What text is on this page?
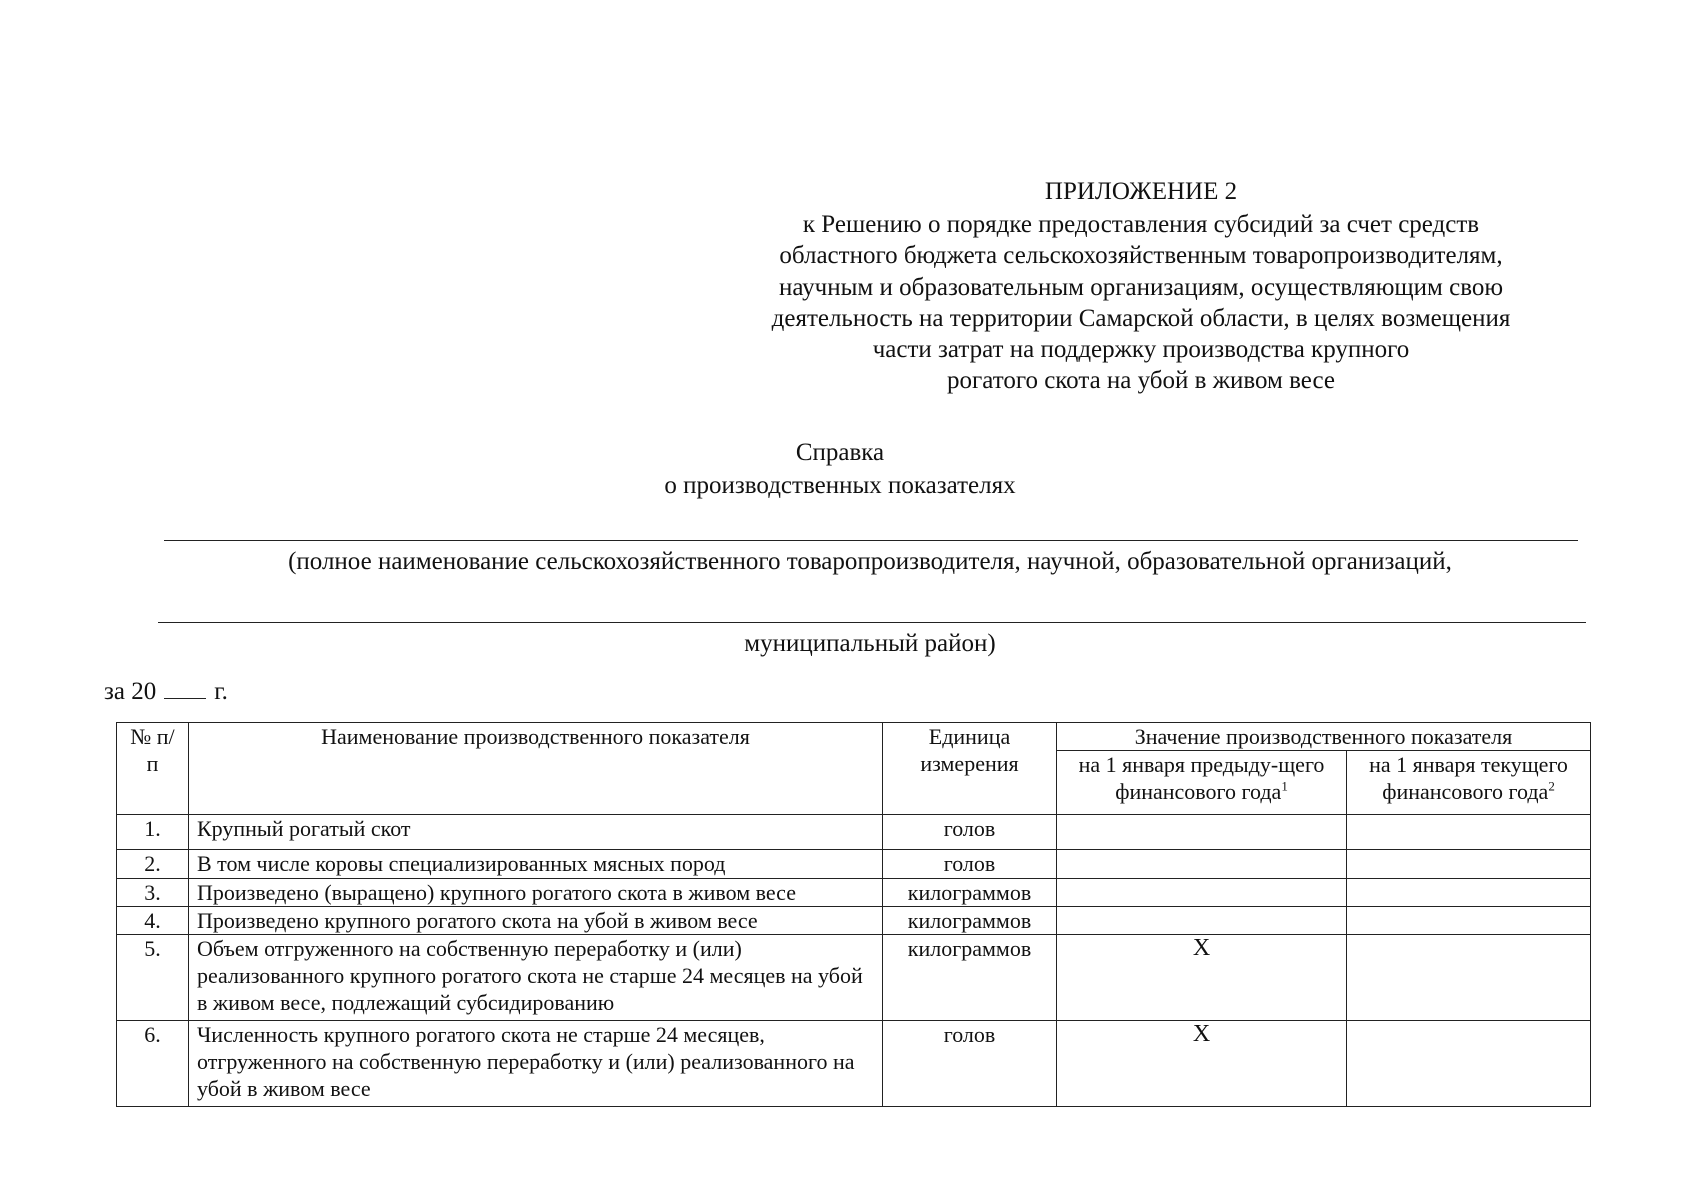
ПРИЛОЖЕНИЕ 2
к Решению о порядке предоставления субсидий за счет средств
областного бюджета сельскохозяйственным товаропроизводителям,
научным и образовательным организациям, осуществляющим свою
деятельность на территории Самарской области, в целях возмещения
части затрат на поддержку производства крупного
рогатого скота на убой в живом весе
Справка
о производственных показателях
(полное наименование сельскохозяйственного товаропроизводителя, научной, образовательной организаций,
муниципальный район)
за 20 г.
№ п/п	Наименование производственного показателя	Единица измерения	Значение производственного показателя	
			на 1 января предыду-щего финансового года$^1$	на 1 января текущего финансового года$^2$
1.	Крупный рогатый скот	голов		
2.	В том числе коровы специализированных мясных пород	голов		
3.	Произведено (выращено) крупного рогатого скота в живом весе	килограммов		
4.	Произведено крупного рогатого скота на убой в живом весе	килограммов		
5.	Объем отгруженного на собственную переработку и (или) реализованного крупного рогатого скота не старше 24 месяцев на убой в живом весе, подлежащий субсидированию	килограммов	X	
6.	Численность крупного рогатого скота не старше 24 месяцев, отгруженного на собственную переработку и (или) реализованного на убой в живом весе	голов	X	
